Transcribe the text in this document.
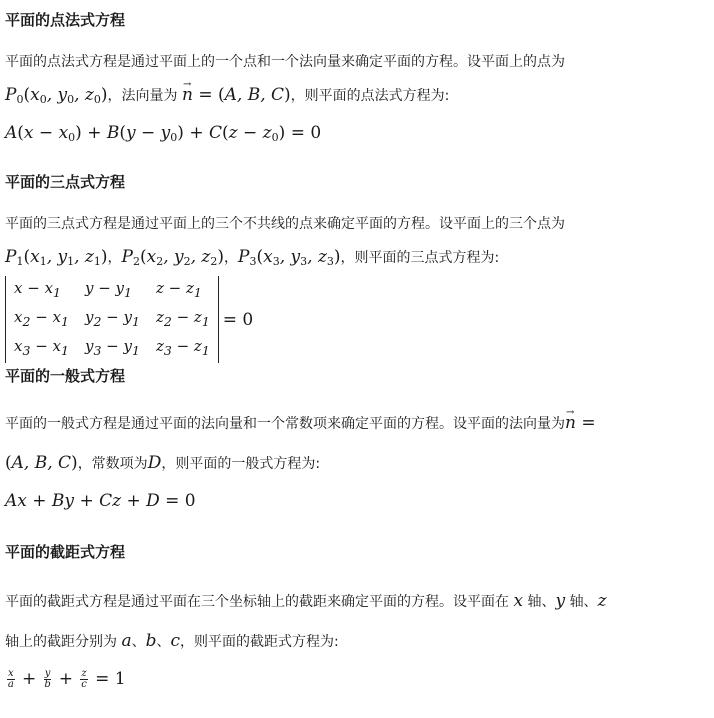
平面的点法式方程
平面的点法式方程是通过平面上的一个点和一个法向量来确定平面的方程。设平面上的点为
$P_0(x_0$, $y_0$, $z_0$)，法向量为 → n = (A, B, C)，则平面的点法式方程为:
$A(x - x_0) + B(y - y_0) + C(z - z_0) = 0$
平面的三点式方程
平面的三点式方程是通过平面上的三个不共线的点来确定平面的方程。设平面上的三个点为
$P_1(x_1$, $y_1$, $z_1$)，$P_2(x_2$, $y_2$, $z_2$)，$P_3(x_3$, $y_3$, $z_3$)，则平面的三点式方程为:
$x - x_1$	$y - y_1$	$z - z_1$
$x_2 - x_1$	$y_2 - y_1$	$z_2 - z_1$
$x_3 - x_1$	$y_3 - y_1$	$z_3 - z_1$
= 0
平面的一般式方程
平面的一般式方程是通过平面的法向量和一个常数项来确定平面的方程。设平面的法向量为→ n =
(A, B, C)，常数项为D，则平面的一般式方程为:
Ax + By + Cz + D = 0
平面的截距式方程
平面的截距式方程是通过平面在三个坐标轴上的截距来确定平面的方程。设平面在 x 轴、y 轴、z
轴上的截距分别为 a、b、c，则平面的截距式方程为:
$\frac{x}{a} + \frac{y}{b} + \frac{z}{c} = 1$
